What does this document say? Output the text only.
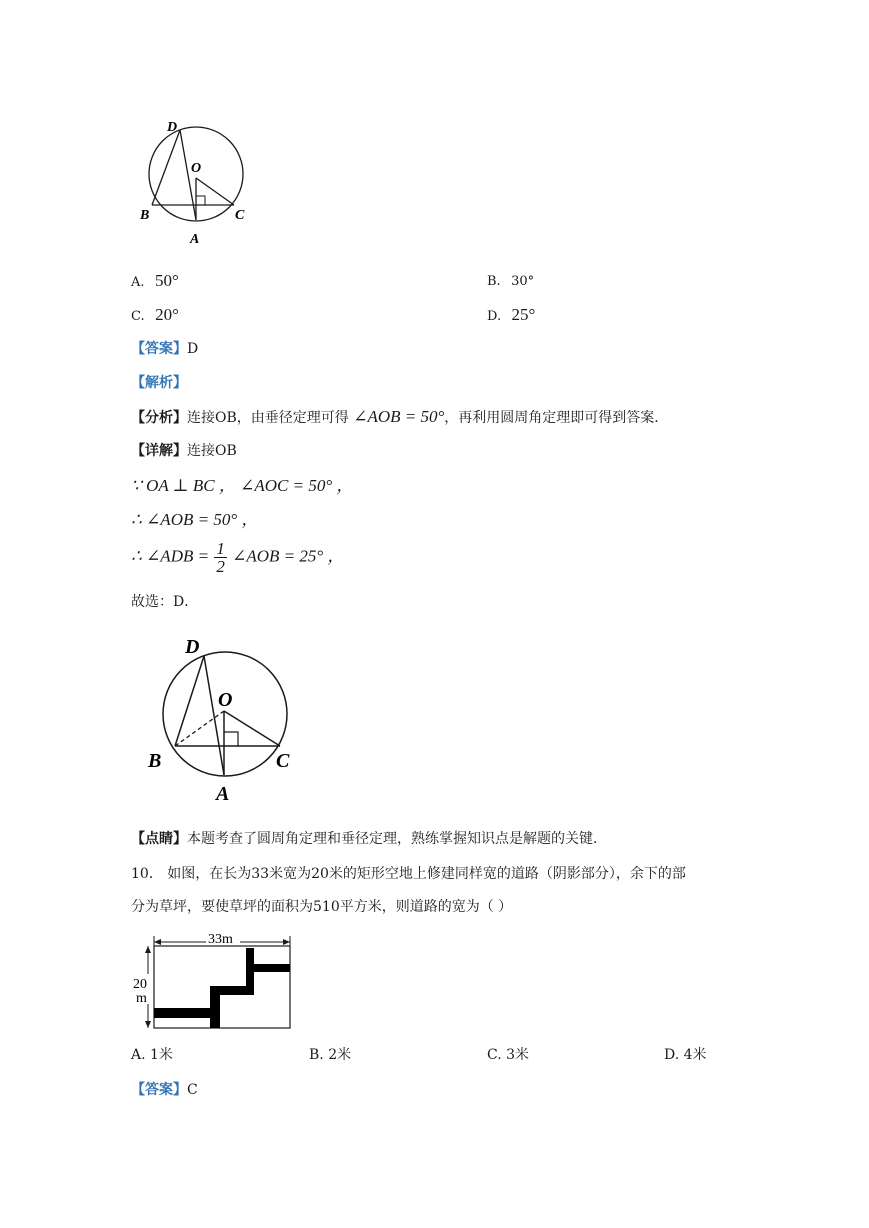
D
O
B	C
A
A. 50°	B. 30°
C. 20°	D. 25°
【答案】D
【解析】
【分析】连接OB，由垂径定理可得 ∠AOB = 50°，再利用圆周角定理即可得到答案．
【详解】连接OB
∵ OA ⊥ BC ， ∠AOC = 50° ，
∴ ∠AOB = 50° ，
∴ ∠ADB = $\frac{1}{2}$ ∠AOB = 25° ，
故选：D．
D
O
B	C
A
【点睛】本题考查了圆周角定理和垂径定理，熟练掌握知识点是解题的关键．
10． 如图，在长为33米宽为20米的矩形空地上修建同样宽的道路（阴影部分），余下的部
分为草坪，要使草坪的面积为510平方米，则道路的宽为（ ）
33m
20
m
A. 1米	B. 2米	C. 3米	D. 4米
【答案】C
